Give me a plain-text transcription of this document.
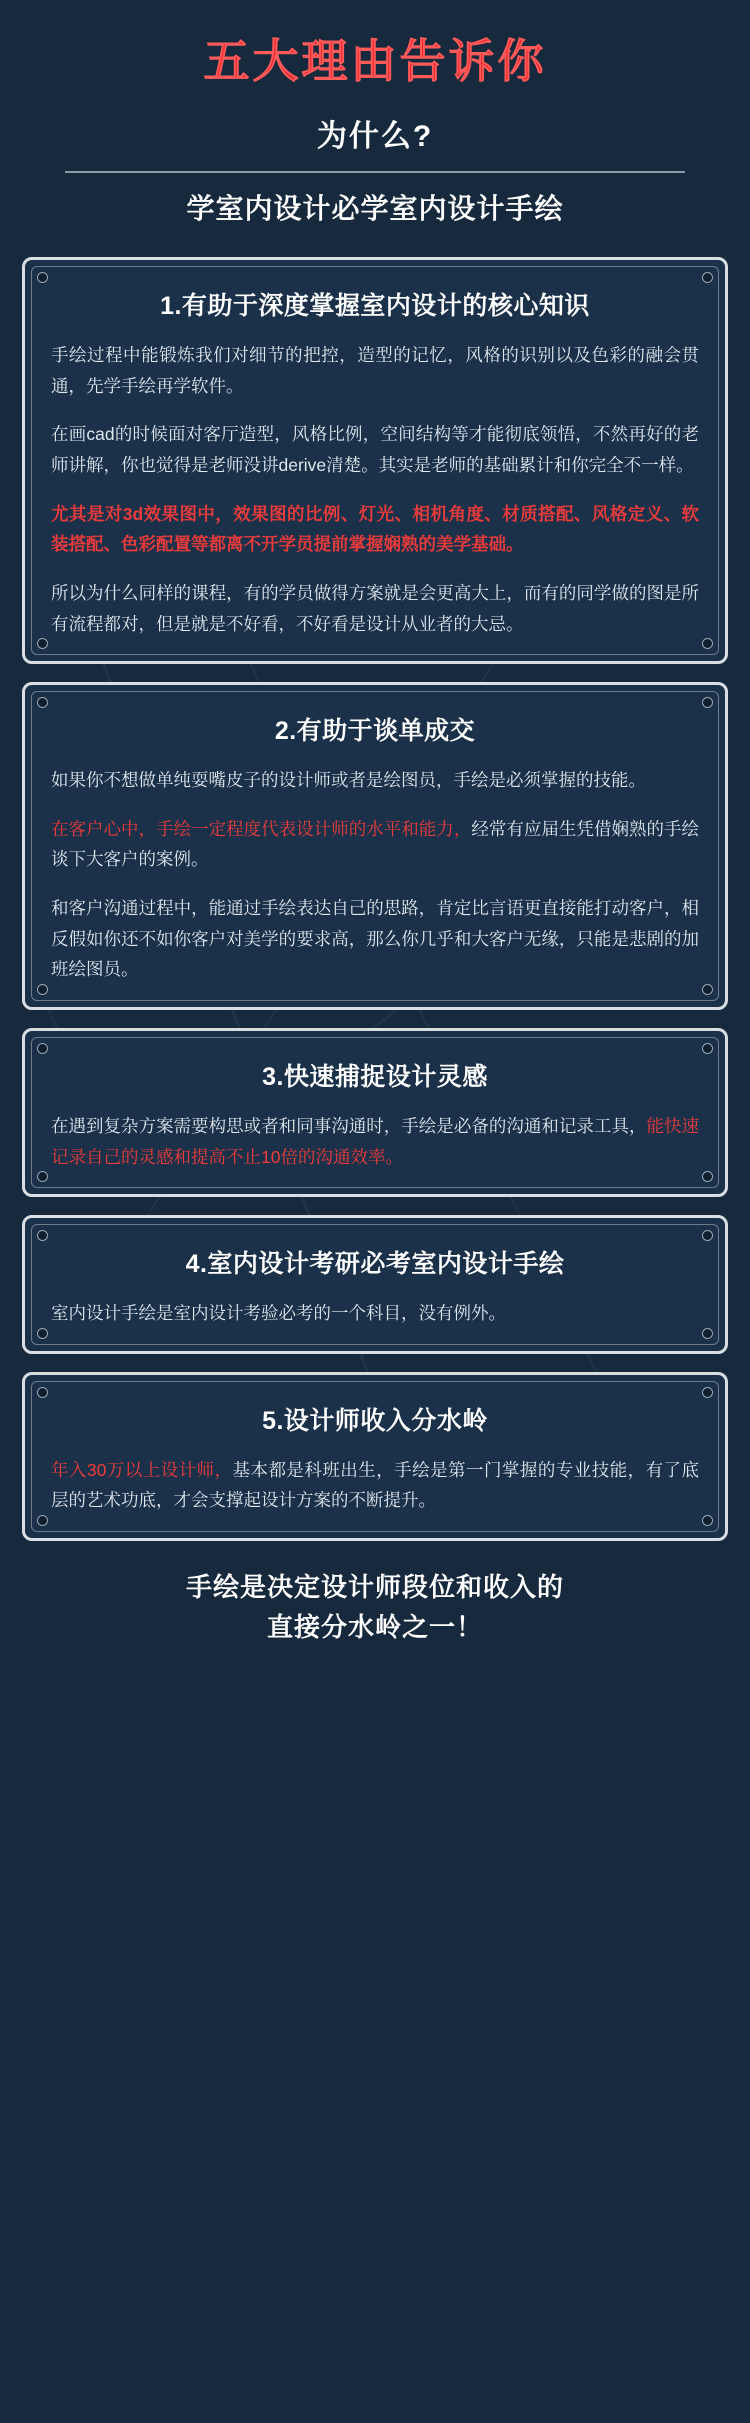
五大理由告诉你
为什么?
学室内设计必学室内设计手绘
1.有助于深度掌握室内设计的核心知识

手绘过程中能锻炼我们对细节的把控，造型的记忆，风格的识别以及色彩的融会贯通，先学手绘再学软件。

在画cad的时候面对客厅造型，风格比例，空间结构等才能彻底领悟，不然再好的老师讲解，你也觉得是老师没讲derive清楚。其实是老师的基础累计和你完全不一样。

尤其是对3d效果图中，效果图的比例、灯光、相机角度、材质搭配、风格定义、软装搭配、色彩配置等都离不开学员提前掌握娴熟的美学基础。

所以为什么同样的课程，有的学员做得方案就是会更高大上，而有的同学做的图是所有流程都对，但是就是不好看，不好看是设计从业者的大忌。

2.有助于谈单成交

如果你不想做单纯耍嘴皮子的设计师或者是绘图员，手绘是必须掌握的技能。

在客户心中，手绘一定程度代表设计师的水平和能力，经常有应届生凭借娴熟的手绘谈下大客户的案例。

和客户沟通过程中，能通过手绘表达自己的思路，肯定比言语更直接能打动客户，相反假如你还不如你客户对美学的要求高，那么你几乎和大客户无缘，只能是悲剧的加班绘图员。

3.快速捕捉设计灵感

在遇到复杂方案需要构思或者和同事沟通时，手绘是必备的沟通和记录工具，能快速记录自己的灵感和提高不止10倍的沟通效率。

4.室内设计考研必考室内设计手绘

室内设计手绘是室内设计考验必考的一个科目，没有例外。

5.设计师收入分水岭

年入30万以上设计师，基本都是科班出生，手绘是第一门掌握的专业技能，有了底层的艺术功底，才会支撑起设计方案的不断提升。

手绘是决定设计师段位和收入的
直接分水岭之一！
